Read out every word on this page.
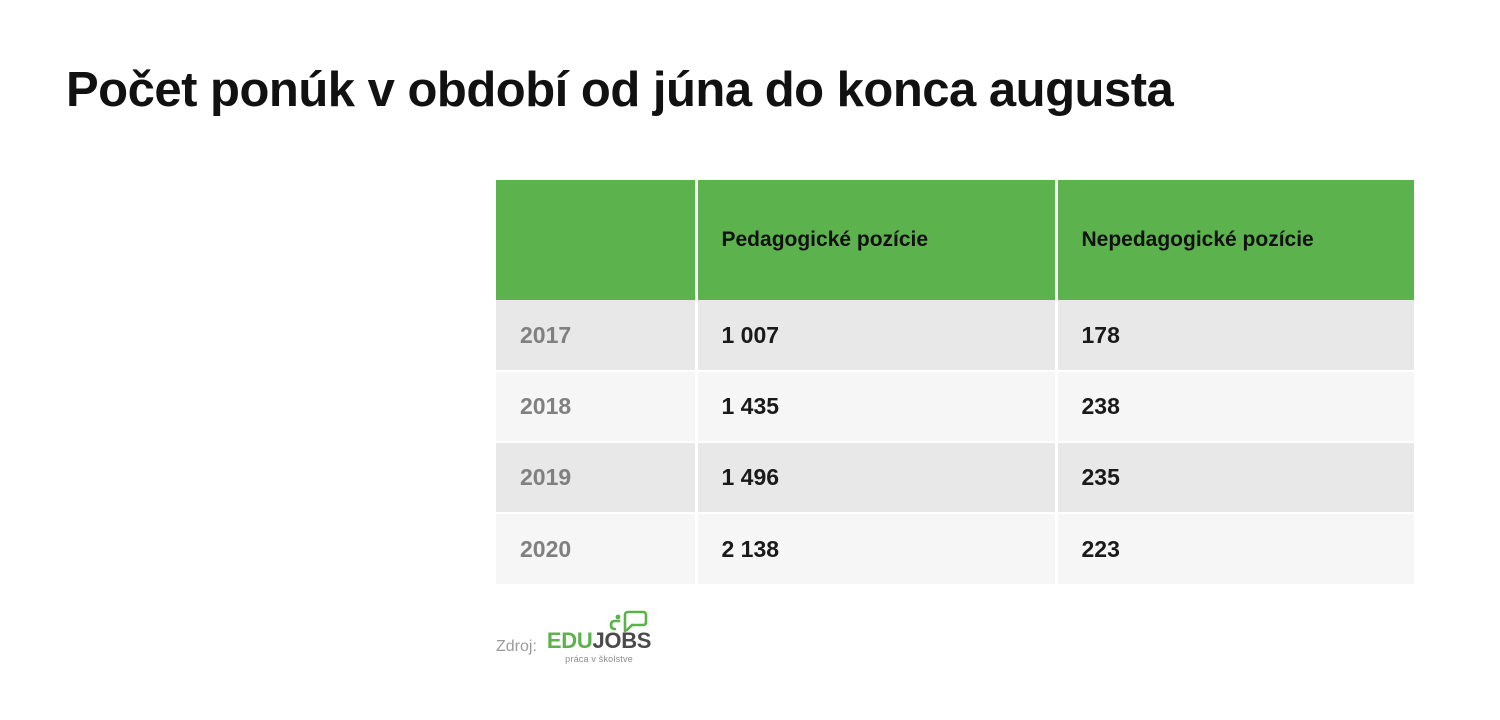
Počet ponúk v období od júna do konca augusta
	Pedagogické pozície	Nepedagogické pozície
2017	1 007	178
2018	1 435	238
2019	1 496	235
2020	2 138	223
Zdroj: EDUJOBS
práca v školstve
